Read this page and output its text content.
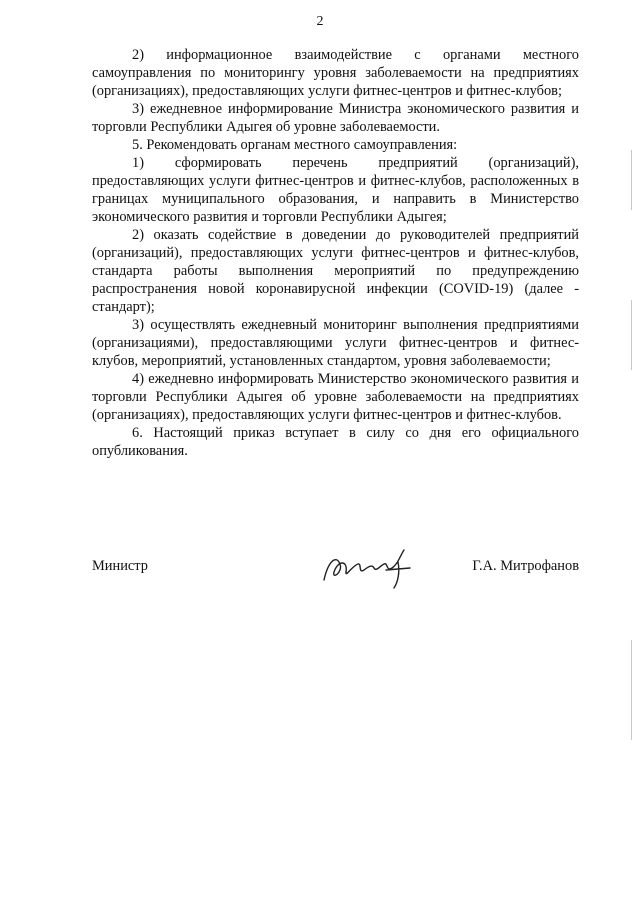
2

2) информационное взаимодействие с органами местного самоуправления по мониторингу уровня заболеваемости на предприятиях (организациях), предоставляющих услуги фитнес-центров и фитнес-клубов;

3) ежедневное информирование Министра экономического развития и торговли Республики Адыгея об уровне заболеваемости.

5. Рекомендовать органам местного самоуправления:

1) сформировать перечень предприятий (организаций), предоставляющих услуги фитнес-центров и фитнес-клубов, расположенных в границах муниципального образования, и направить в Министерство экономического развития и торговли Республики Адыгея;

2) оказать содействие в доведении до руководителей предприятий (организаций), предоставляющих услуги фитнес-центров и фитнес-клубов, стандарта работы выполнения мероприятий по предупреждению распространения новой коронавирусной инфекции (COVID-19) (далее - стандарт);

3) осуществлять ежедневный мониторинг выполнения предприятиями (организациями), предоставляющими услуги фитнес-центров и фитнес-клубов, мероприятий, установленных стандартом, уровня заболеваемости;

4) ежедневно информировать Министерство экономического развития и торговли Республики Адыгея об уровне заболеваемости на предприятиях (организациях), предоставляющих услуги фитнес-центров и фитнес-клубов.

6. Настоящий приказ вступает в силу со дня его официального опубликования.

Министр	Г.А. Митрофанов
